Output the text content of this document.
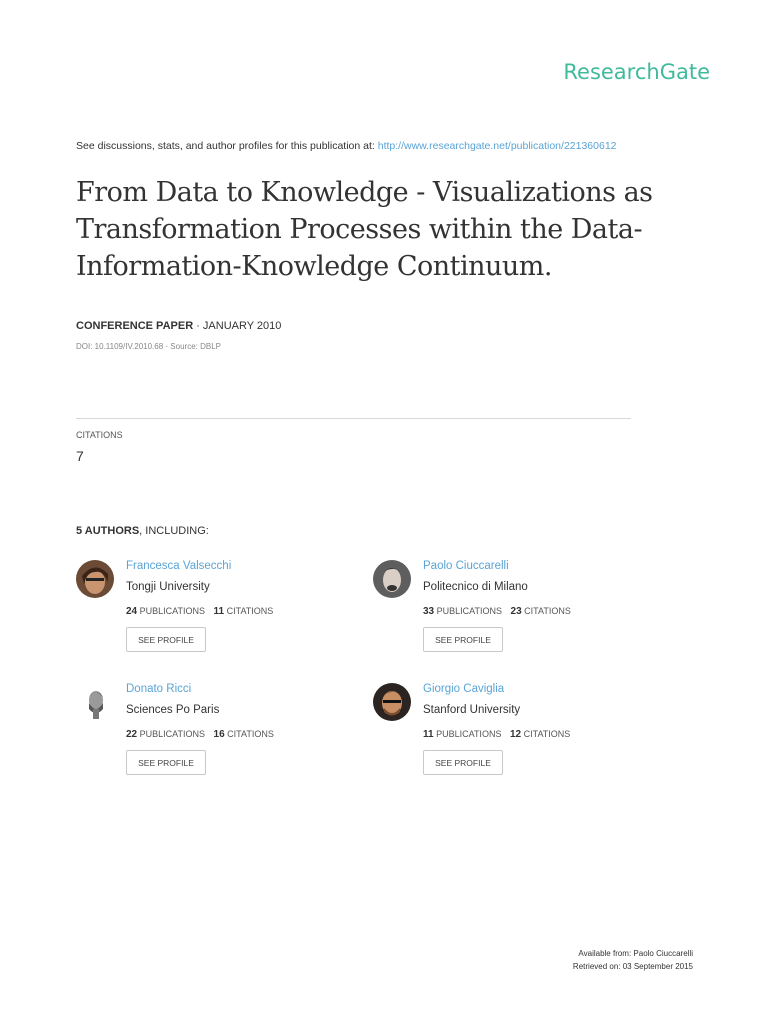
ResearchGate
See discussions, stats, and author profiles for this publication at: http://www.researchgate.net/publication/221360612
From Data to Knowledge - Visualizations as Transformation Processes within the Data-Information-Knowledge Continuum.
CONFERENCE PAPER · JANUARY 2010
DOI: 10.1109/IV.2010.68 · Source: DBLP
CITATIONS
7
5 AUTHORS, INCLUDING:
Francesca Valsecchi
Tongji University
24 PUBLICATIONS 11 CITATIONS
SEE PROFILE
Paolo Ciuccarelli
Politecnico di Milano
33 PUBLICATIONS 23 CITATIONS
SEE PROFILE
Donato Ricci
Sciences Po Paris
22 PUBLICATIONS 16 CITATIONS
SEE PROFILE
Giorgio Caviglia
Stanford University
11 PUBLICATIONS 12 CITATIONS
SEE PROFILE
Available from: Paolo Ciuccarelli
Retrieved on: 03 September 2015
